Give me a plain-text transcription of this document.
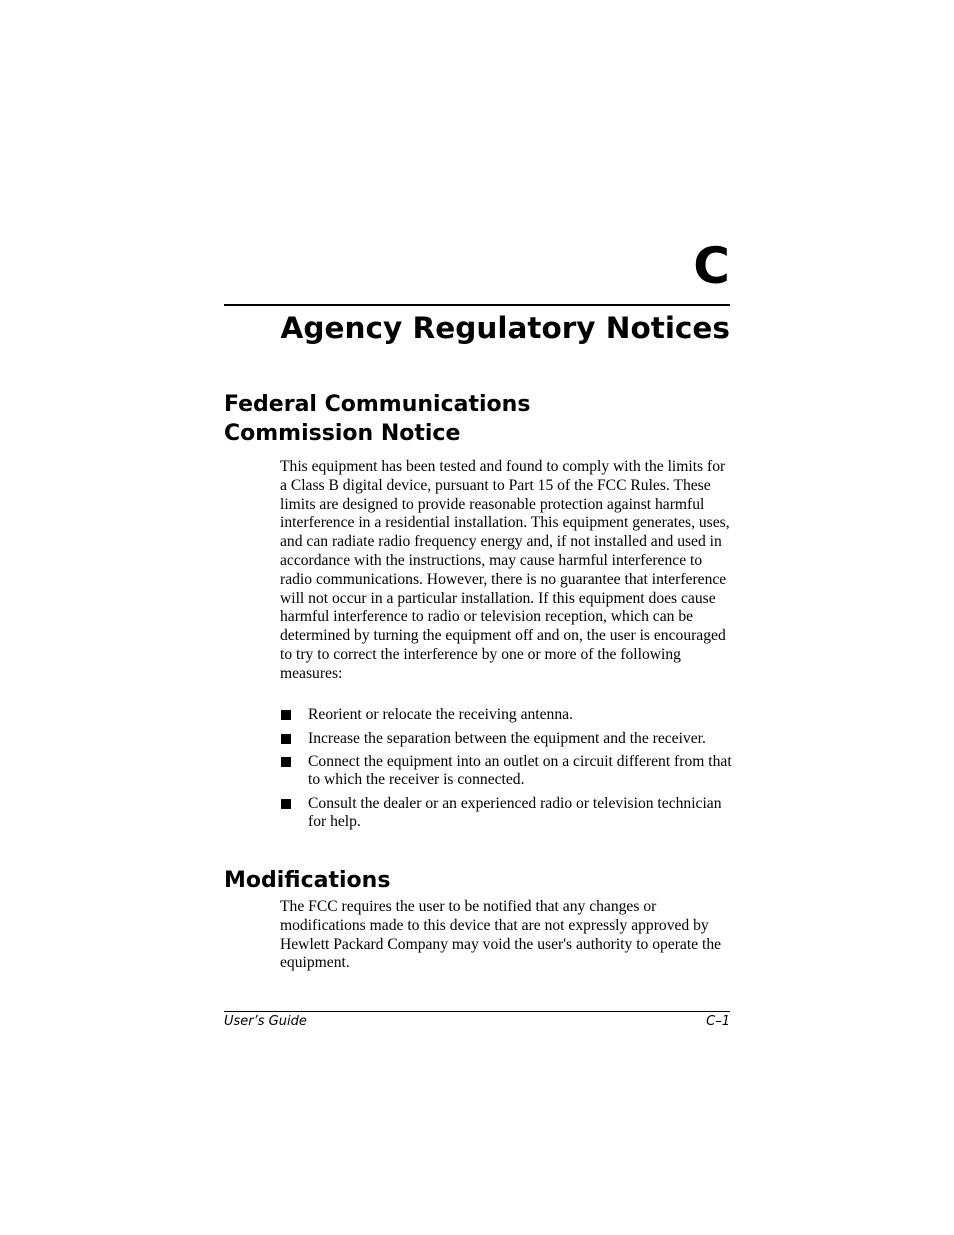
C
Agency Regulatory Notices
Federal Communications
Commission Notice
This equipment has been tested and found to comply with the limits for a Class B digital device, pursuant to Part 15 of the FCC Rules. These limits are designed to provide reasonable protection against harmful interference in a residential installation. This equipment generates, uses, and can radiate radio frequency energy and, if not installed and used in accordance with the instructions, may cause harmful interference to radio communications. However, there is no guarantee that interference will not occur in a particular installation. If this equipment does cause harmful interference to radio or television reception, which can be determined by turning the equipment off and on, the user is encouraged to try to correct the interference by one or more of the following measures:
Reorient or relocate the receiving antenna.
Increase the separation between the equipment and the receiver.
Connect the equipment into an outlet on a circuit different from that to which the receiver is connected.
Consult the dealer or an experienced radio or television technician for help.
Modifications
The FCC requires the user to be notified that any changes or modifications made to this device that are not expressly approved by Hewlett Packard Company may void the user's authority to operate the equipment.
User’s Guide	C–1
